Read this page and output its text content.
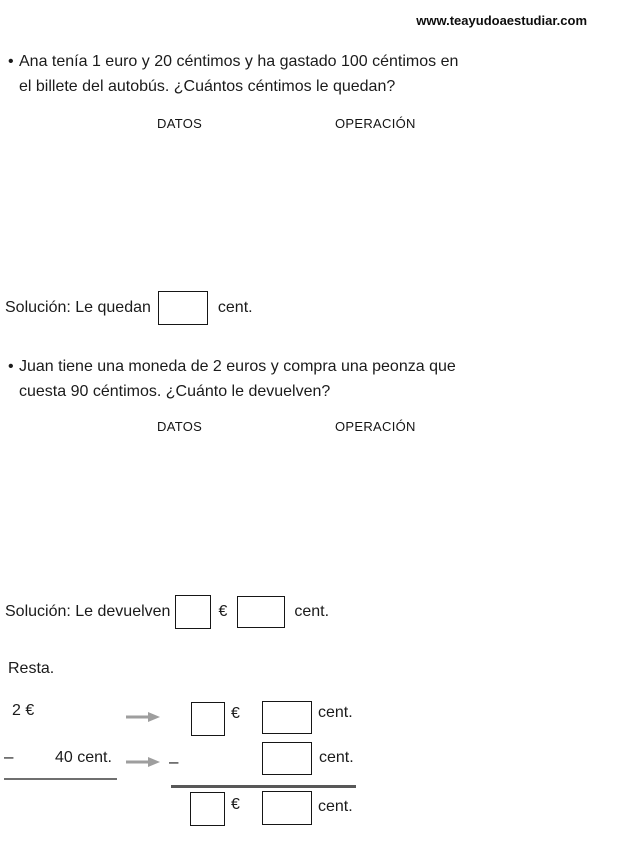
www.teayudoaestudiar.com
• Ana tenía 1 euro y 20 céntimos y ha gastado 100 céntimos en
el billete del autobús. ¿Cuántos céntimos le quedan?
DATOS	OPERACIÓN
Solución: Le quedan	cent.
• Juan tiene una moneda de 2 euros y compra una peonza que
cuesta 90 céntimos. ¿Cuánto le devuelven?
DATOS	OPERACIÓN
Solución: Le devuelven	€	cent.
Resta.
2 €	€	cent.
–	40 cent.	–	cent.
€	cent.
